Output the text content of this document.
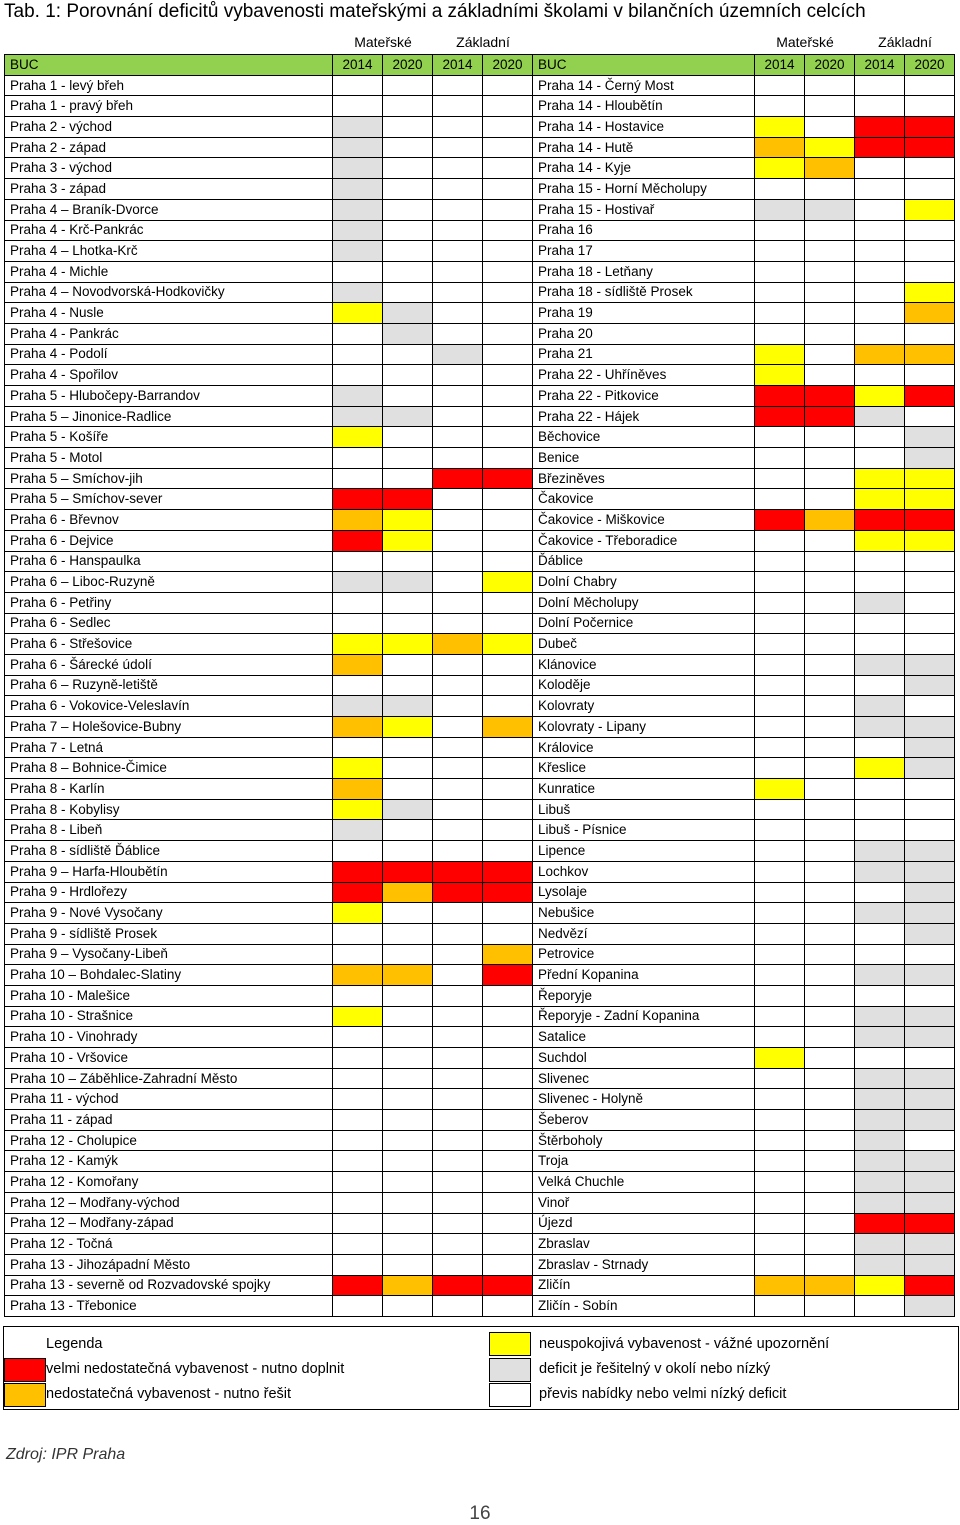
Tab. 1: Porovnání deficitů vybavenosti mateřskými a základními školami v bilančních územních celcích
Mateřské	Základní	Mateřské	Základní
BUC	2014	2020	2014	2020	BUC	2014	2020	2014	2020
Praha 1 - levý břeh					Praha 14 - Černý Most				
Praha 1 - pravý břeh					Praha 14 - Hloubětín				
Praha 2 - východ					Praha 14 - Hostavice				
Praha 2 - západ					Praha 14 - Hutě				
Praha 3 - východ					Praha 14 - Kyje				
Praha 3 - západ					Praha 15 - Horní Měcholupy				
Praha 4 – Braník-Dvorce					Praha 15 - Hostivař				
Praha 4 - Krč-Pankrác					Praha 16				
Praha 4 – Lhotka-Krč					Praha 17				
Praha 4 - Michle					Praha 18 - Letňany				
Praha 4 – Novodvorská-Hodkovičky					Praha 18 - sídliště Prosek				
Praha 4 - Nusle					Praha 19				
Praha 4 - Pankrác					Praha 20				
Praha 4 - Podolí					Praha 21				
Praha 4 - Spořilov					Praha 22 - Uhříněves				
Praha 5 - Hlubočepy-Barrandov					Praha 22 - Pitkovice				
Praha 5 – Jinonice-Radlice					Praha 22 - Hájek				
Praha 5 - Košíře					Běchovice				
Praha 5 - Motol					Benice				
Praha 5 – Smíchov-jih					Březiněves				
Praha 5 – Smíchov-sever					Čakovice				
Praha 6 - Břevnov					Čakovice - Miškovice				
Praha 6 - Dejvice					Čakovice - Třeboradice				
Praha 6 - Hanspaulka					Ďáblice				
Praha 6 – Liboc-Ruzyně					Dolní Chabry				
Praha 6 - Petřiny					Dolní Měcholupy				
Praha 6 - Sedlec					Dolní Počernice				
Praha 6 - Střešovice					Dubeč				
Praha 6 - Šárecké údolí					Klánovice				
Praha 6 – Ruzyně-letiště					Koloděje				
Praha 6 - Vokovice-Veleslavín					Kolovraty				
Praha 7 – Holešovice-Bubny					Kolovraty - Lipany				
Praha 7 - Letná					Královice				
Praha 8 – Bohnice-Čimice					Křeslice				
Praha 8 - Karlín					Kunratice				
Praha 8 - Kobylisy					Libuš				
Praha 8 - Libeň					Libuš - Písnice				
Praha 8 - sídliště Ďáblice					Lipence				
Praha 9 – Harfa-Hloubětín					Lochkov				
Praha 9 - Hrdlořezy					Lysolaje				
Praha 9 - Nové Vysočany					Nebušice				
Praha 9 - sídliště Prosek					Nedvězí				
Praha 9 – Vysočany-Libeň					Petrovice				
Praha 10 – Bohdalec-Slatiny					Přední Kopanina				
Praha 10 - Malešice					Řeporyje				
Praha 10 - Strašnice					Řeporyje - Zadní Kopanina				
Praha 10 - Vinohrady					Satalice				
Praha 10 - Vršovice					Suchdol				
Praha 10 – Záběhlice-Zahradní Město					Slivenec				
Praha 11 - východ					Slivenec - Holyně				
Praha 11 - západ					Šeberov				
Praha 12 - Cholupice					Štěrboholy				
Praha 12 - Kamýk					Troja				
Praha 12 - Komořany					Velká Chuchle				
Praha 12 – Modřany-východ					Vinoř				
Praha 12 – Modřany-západ					Újezd				
Praha 12 - Točná					Zbraslav				
Praha 13 - Jihozápadní Město					Zbraslav - Strnady				
Praha 13 - severně od Rozvadovské spojky					Zličín				
Praha 13 - Třebonice					Zličín - Sobín				
Legenda
velmi nedostatečná vybavenost - nutno doplnit
nedostatečná vybavenost - nutno řešit
neuspokojivá vybavenost - vážné upozornění
deficit je řešitelný v okolí nebo nízký
převis nabídky nebo velmi nízký deficit
Zdroj: IPR Praha
16
